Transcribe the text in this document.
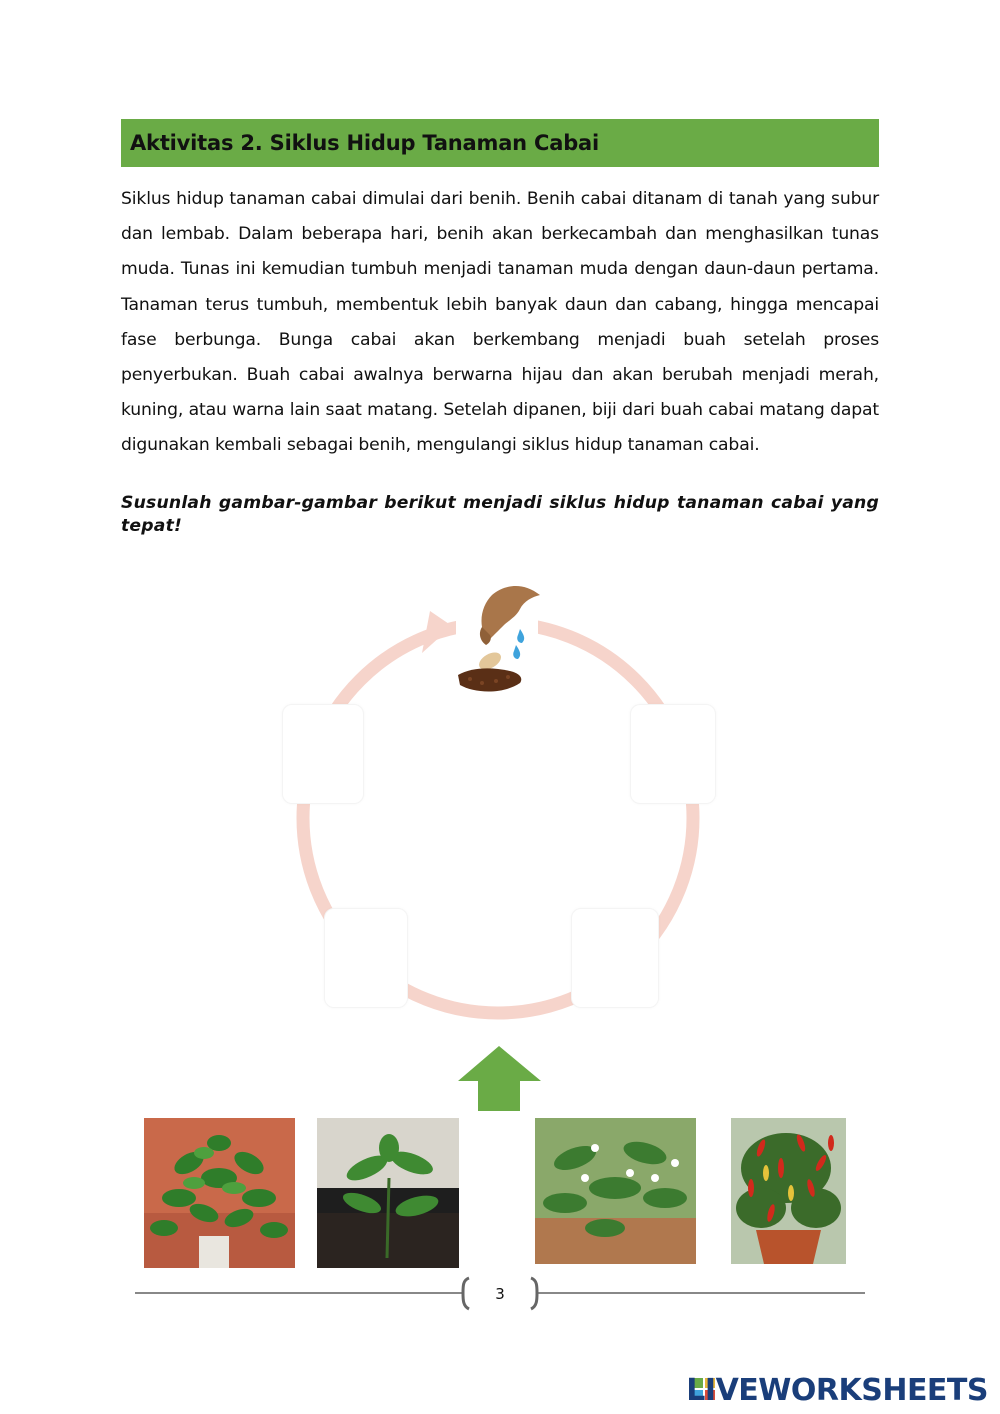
Aktivitas 2. Siklus Hidup Tanaman Cabai

Siklus hidup tanaman cabai dimulai dari benih. Benih cabai ditanam di tanah yang subur dan lembab. Dalam beberapa hari, benih akan berkecambah dan menghasilkan tunas muda. Tunas ini kemudian tumbuh menjadi tanaman muda dengan daun-daun pertama. Tanaman terus tumbuh, membentuk lebih banyak daun dan cabang, hingga mencapai fase berbunga. Bunga cabai akan berkembang menjadi buah setelah proses penyerbukan. Buah cabai awalnya berwarna hijau dan akan berubah menjadi merah, kuning, atau warna lain saat matang. Setelah dipanen, biji dari buah cabai matang dapat digunakan kembali sebagai benih, mengulangi siklus hidup tanaman cabai.

Susunlah gambar-gambar berikut menjadi siklus hidup tanaman cabai yang tepat!

3
LIVEWORKSHEETS
